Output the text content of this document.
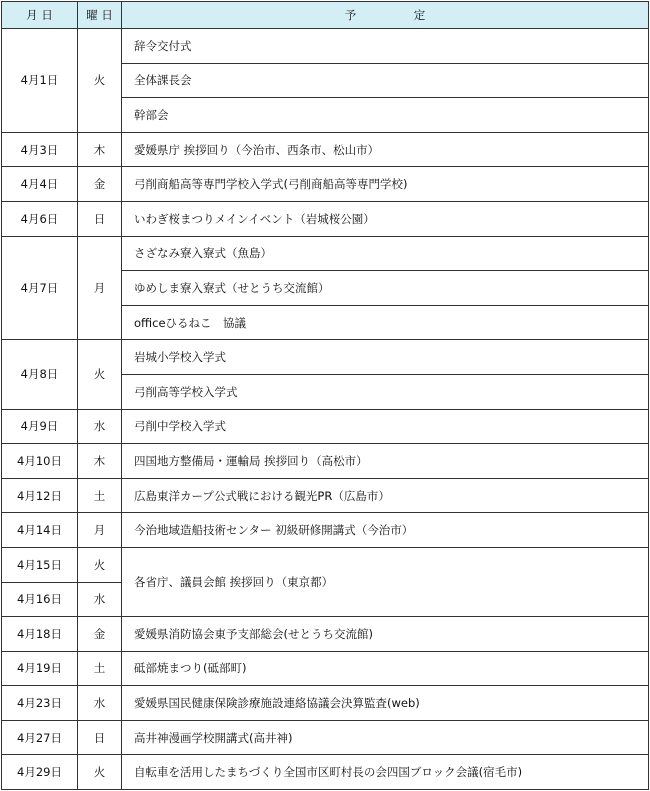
月 日	曜 日	予　　　　　定
4月1日	火	辞令交付式
		全体課長会
		幹部会
4月3日	木	愛媛県庁 挨拶回り（今治市、西条市、松山市）
4月4日	金	弓削商船高等専門学校入学式(弓削商船高等専門学校)
4月6日	日	いわぎ桜まつりメインイベント（岩城桜公園）
4月7日	月	さざなみ寮入寮式（魚島）
		ゆめしま寮入寮式（せとうち交流館）
		officeひるねこ　協議
4月8日	火	岩城小学校入学式
		弓削高等学校入学式
4月9日	水	弓削中学校入学式
4月10日	木	四国地方整備局・運輸局 挨拶回り（高松市）
4月12日	土	広島東洋カープ公式戦における観光PR（広島市）
4月14日	月	今治地域造船技術センター 初級研修開講式（今治市）
4月15日	火	各省庁、議員会館 挨拶回り（東京都）
4月16日	水	
4月18日	金	愛媛県消防協会東予支部総会(せとうち交流館)
4月19日	土	砥部焼まつり(砥部町)
4月23日	水	愛媛県国民健康保険診療施設連絡協議会決算監査(web)
4月27日	日	高井神漫画学校開講式(高井神)
4月29日	火	自転車を活用したまちづくり全国市区町村長の会四国ブロック会議(宿毛市)
